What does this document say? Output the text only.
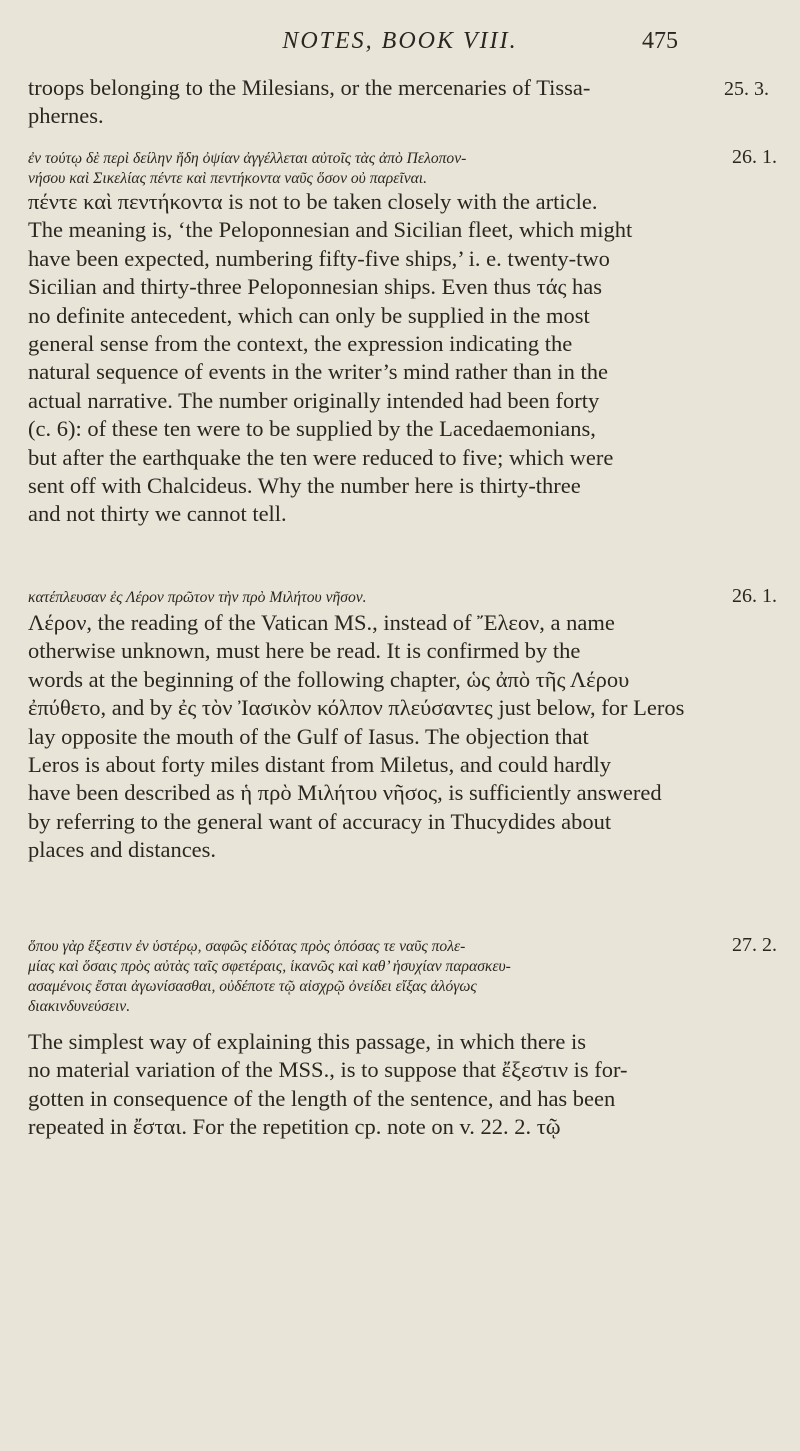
NOTES, BOOK VIII.	475
troops belonging to the Milesians, or the mercenaries of Tissa-
phernes.
25. 3.
ἐν τούτῳ δὲ περὶ δείλην ἤδη ὀψίαν ἀγγέλλεται αὐτοῖς τὰς ἀπὸ Πελοπον-
νήσου καὶ Σικελίας πέντε καὶ πεντήκοντα ναῦς ὅσον οὐ παρεῖναι.
26. 1.
πέντε καὶ πεντήκοντα is not to be taken closely with the article.
The meaning is, ‘the Peloponnesian and Sicilian fleet, which might
have been expected, numbering fifty-five ships,’ i. e. twenty-two
Sicilian and thirty-three Peloponnesian ships. Even thus τάς has
no definite antecedent, which can only be supplied in the most
general sense from the context, the expression indicating the
natural sequence of events in the writer’s mind rather than in the
actual narrative. The number originally intended had been forty
(c. 6): of these ten were to be supplied by the Lacedaemonians,
but after the earthquake the ten were reduced to five; which were
sent off with Chalcideus. Why the number here is thirty-three
and not thirty we cannot tell.
κατέπλευσαν ἐς Λέρον πρῶτον τὴν πρὸ Μιλήτου νῆσον.	26. 1.
Λέρον, the reading of the Vatican MS., instead of Ἔλεον, a name
otherwise unknown, must here be read. It is confirmed by the
words at the beginning of the following chapter, ὡς ἀπὸ τῆς Λέρου
ἐπύθετο, and by ἐς τὸν Ἰασικὸν κόλπον πλεύσαντες just below, for Leros
lay opposite the mouth of the Gulf of Iasus. The objection that
Leros is about forty miles distant from Miletus, and could hardly
have been described as ἡ πρὸ Μιλήτου νῆσος, is sufficiently answered
by referring to the general want of accuracy in Thucydides about
places and distances.
ὅπου γὰρ ἔξεστιν ἐν ὑστέρῳ, σαφῶς εἰδότας πρὸς ὁπόσας τε ναῦς πολε-
μίας καὶ ὅσαις πρὸς αὐτὰς ταῖς σφετέραις, ἱκανῶς καὶ καθ’ ἡσυχίαν παρασκευ-
ασαμένοις ἔσται ἀγωνίσασθαι, οὐδέποτε τῷ αἰσχρῷ ὀνείδει εἴξας ἀλόγως
διακινδυνεύσειν.
27. 2.
The simplest way of explaining this passage, in which there is
no material variation of the MSS., is to suppose that ἔξεστιν is for-
gotten in consequence of the length of the sentence, and has been
repeated in ἔσται. For the repetition cp. note on v. 22. 2. τῷ
